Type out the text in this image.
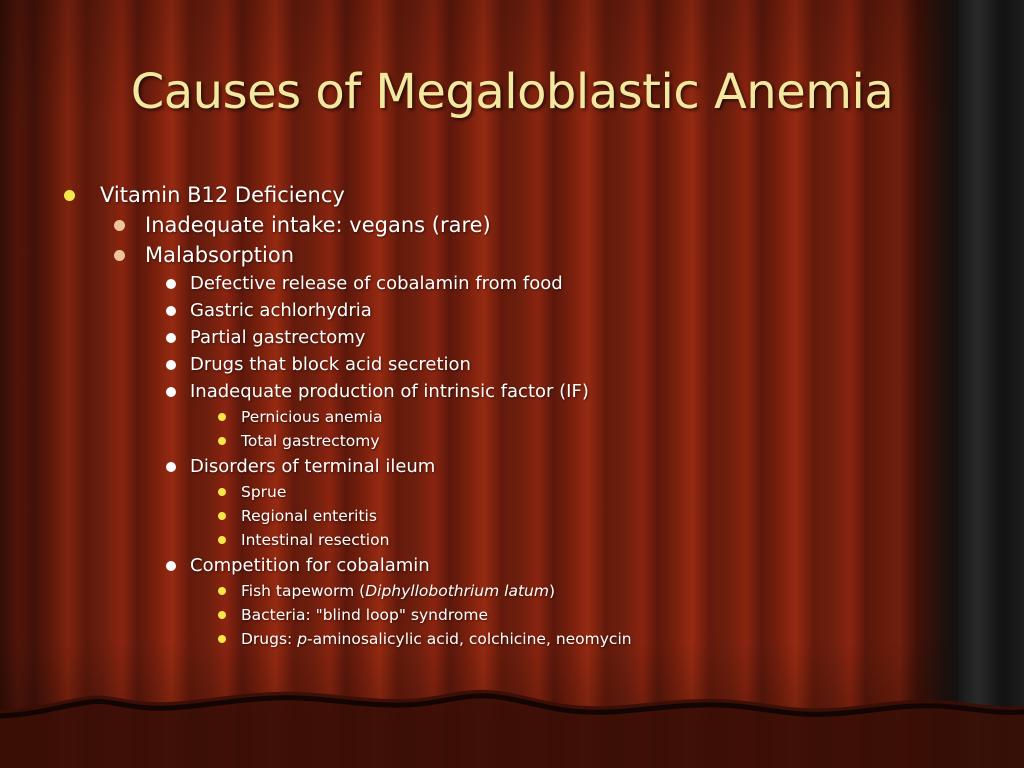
Causes of Megaloblastic Anemia
Vitamin B12 Deficiency
Inadequate intake: vegans (rare)
Malabsorption
Defective release of cobalamin from food
Gastric achlorhydria
Partial gastrectomy
Drugs that block acid secretion
Inadequate production of intrinsic factor (IF)
Pernicious anemia
Total gastrectomy
Disorders of terminal ileum
Sprue
Regional enteritis
Intestinal resection
Competition for cobalamin
Fish tapeworm (Diphyllobothrium latum)
Bacteria: "blind loop" syndrome
Drugs: p-aminosalicylic acid, colchicine, neomycin
